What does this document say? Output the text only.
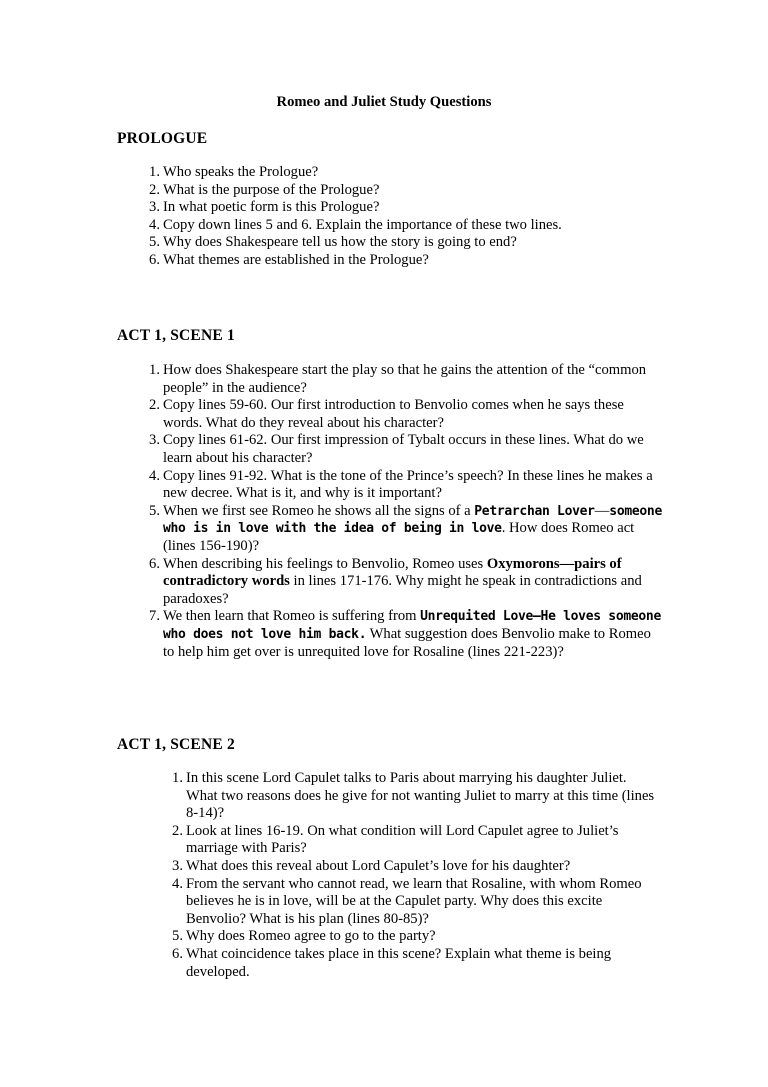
Romeo and Juliet Study Questions
PROLOGUE
1. Who speaks the Prologue?
2. What is the purpose of the Prologue?
3. In what poetic form is this Prologue?
4. Copy down lines 5 and 6. Explain the importance of these two lines.
5. Why does Shakespeare tell us how the story is going to end?
6. What themes are established in the Prologue?
ACT 1, SCENE 1
1. How does Shakespeare start the play so that he gains the attention of the “common people” in the audience?
2. Copy lines 59-60. Our first introduction to Benvolio comes when he says these words. What do they reveal about his character?
3. Copy lines 61-62. Our first impression of Tybalt occurs in these lines. What do we learn about his character?
4. Copy lines 91-92. What is the tone of the Prince’s speech? In these lines he makes a new decree. What is it, and why is it important?
5. When we first see Romeo he shows all the signs of a Petrarchan Lover—someone who is in love with the idea of being in love. How does Romeo act (lines 156-190)?
6. When describing his feelings to Benvolio, Romeo uses Oxymorons—pairs of contradictory words in lines 171-176. Why might he speak in contradictions and paradoxes?
7. We then learn that Romeo is suffering from Unrequited Love—He loves someone who does not love him back. What suggestion does Benvolio make to Romeo to help him get over is unrequited love for Rosaline (lines 221-223)?
ACT 1, SCENE 2
1. In this scene Lord Capulet talks to Paris about marrying his daughter Juliet. What two reasons does he give for not wanting Juliet to marry at this time (lines 8-14)?
2. Look at lines 16-19. On what condition will Lord Capulet agree to Juliet’s marriage with Paris?
3. What does this reveal about Lord Capulet’s love for his daughter?
4. From the servant who cannot read, we learn that Rosaline, with whom Romeo believes he is in love, will be at the Capulet party. Why does this excite Benvolio? What is his plan (lines 80-85)?
5. Why does Romeo agree to go to the party?
6. What coincidence takes place in this scene? Explain what theme is being developed.
